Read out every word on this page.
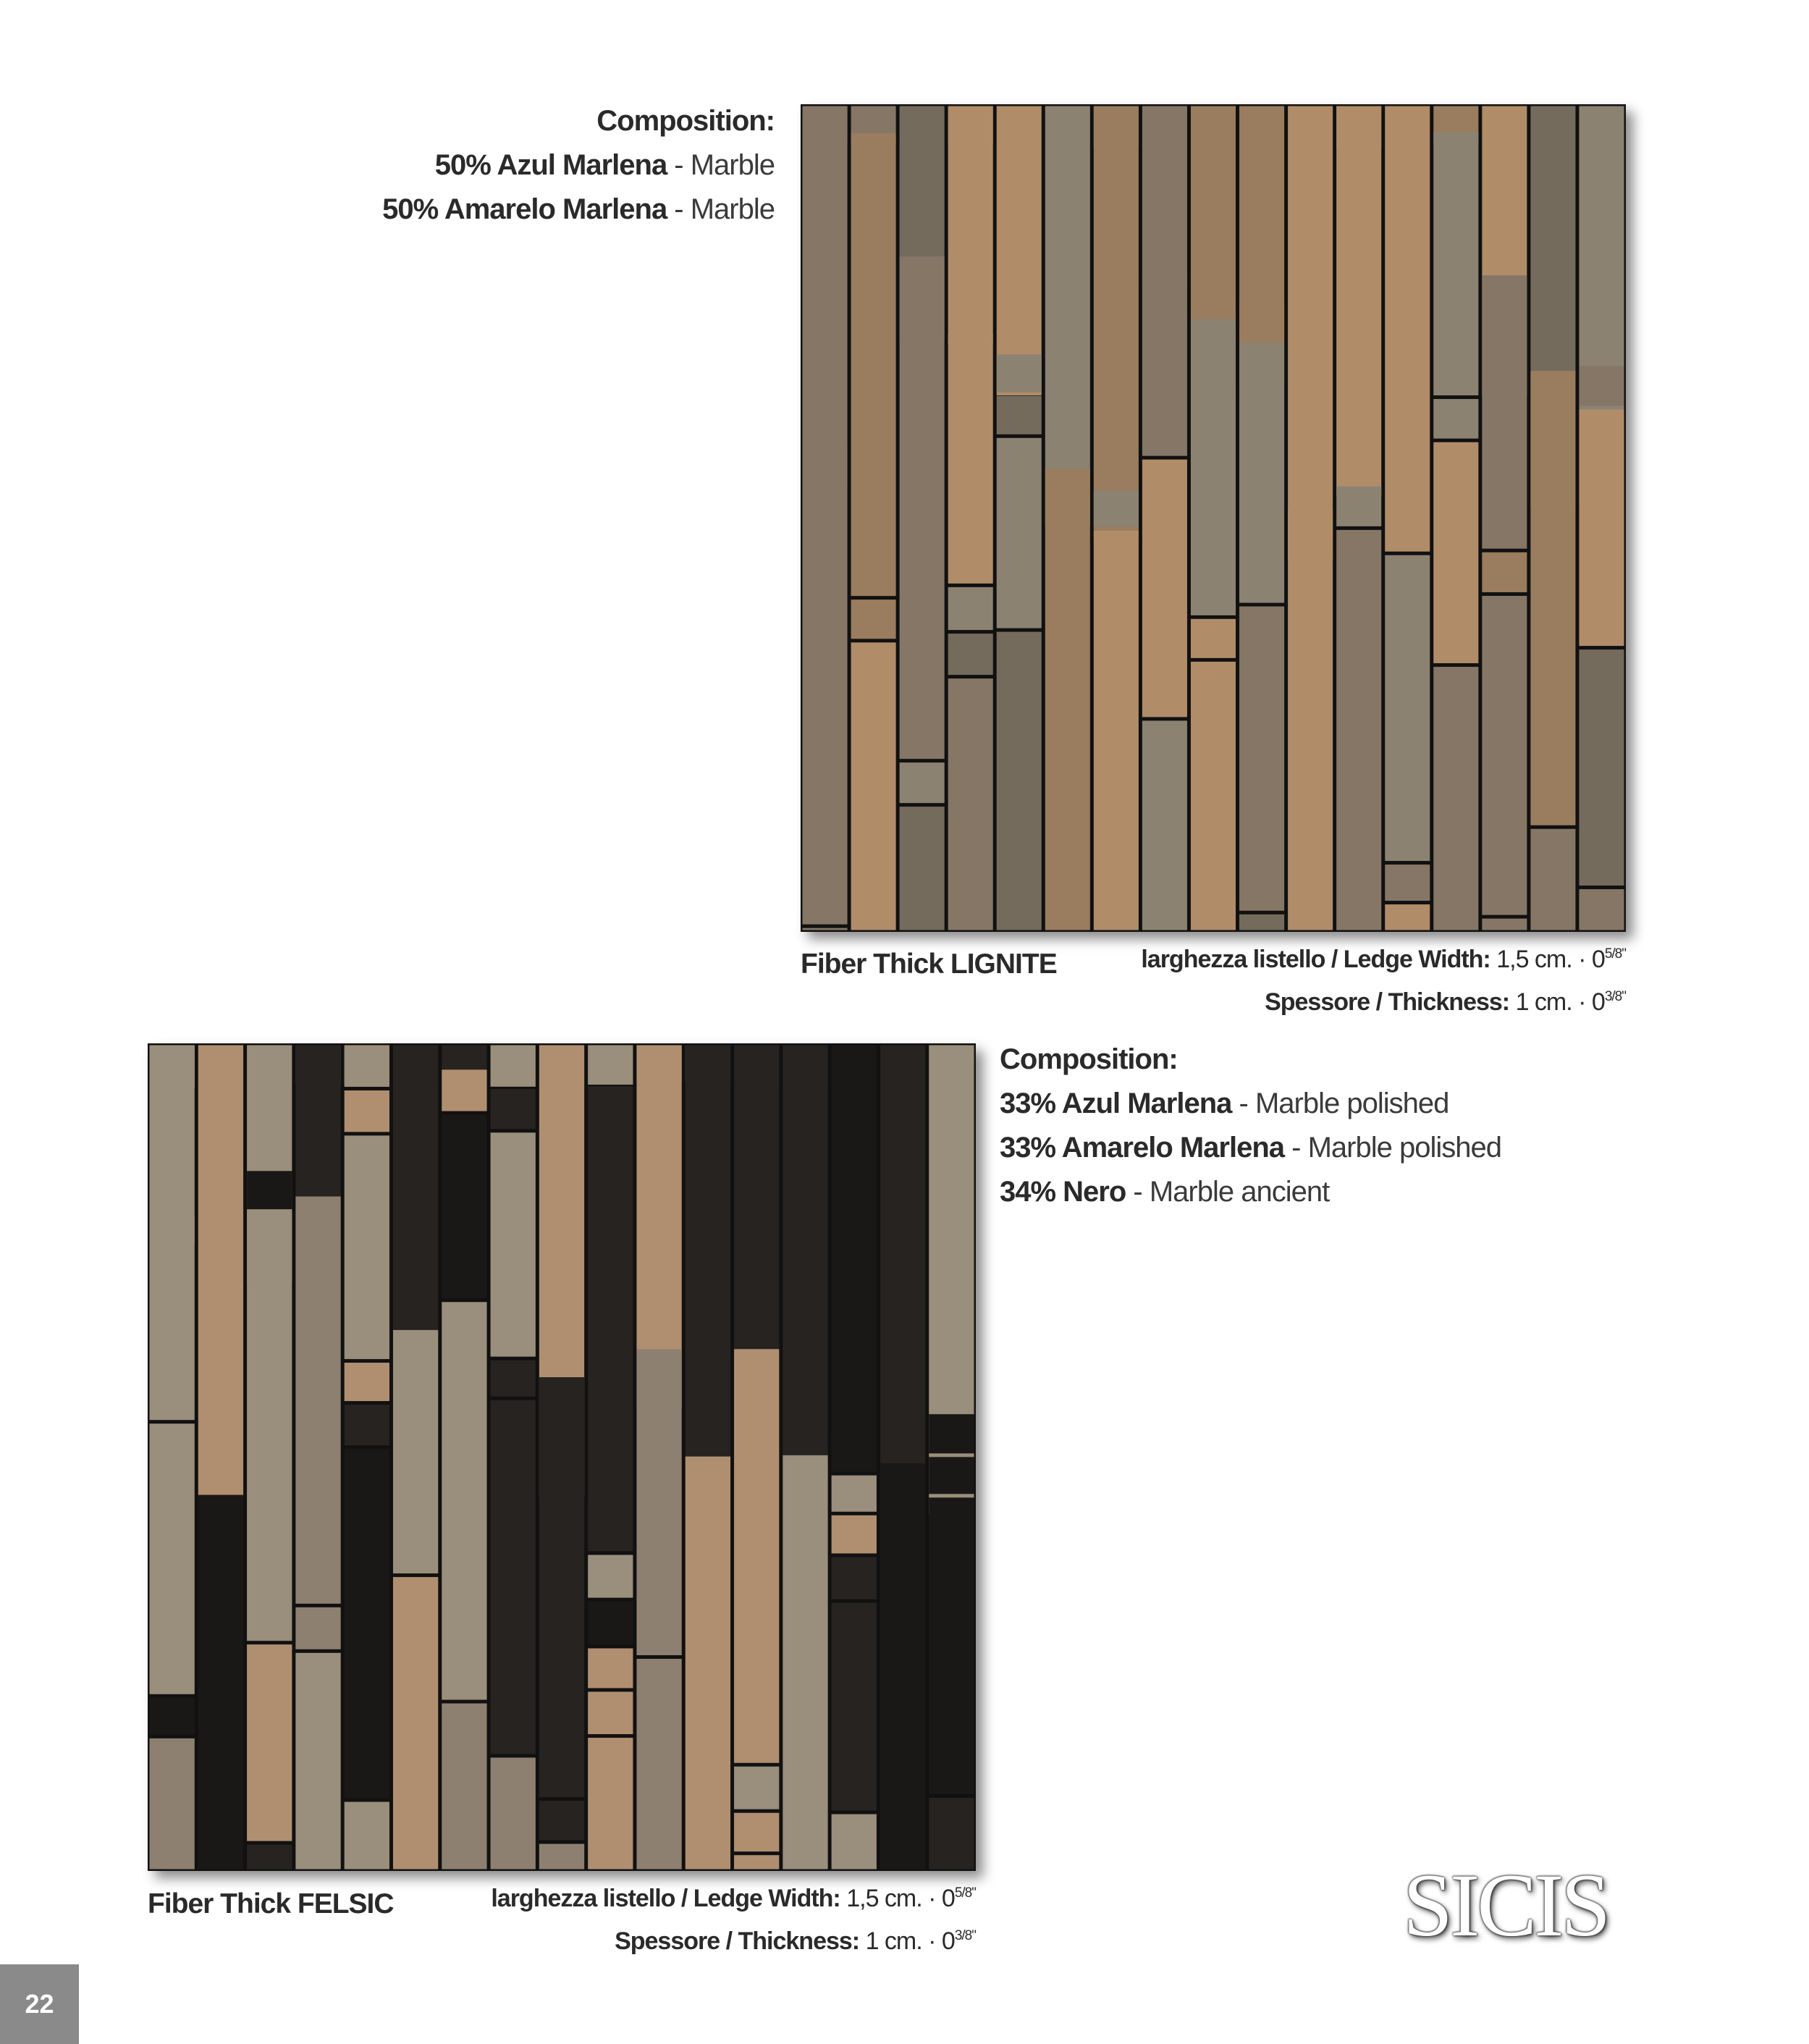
Composition:
50% Azul Marlena - Marble
50% Amarelo Marlena - Marble
Fiber Thick LIGNITE	larghezza listello / Ledge Width: 1,5 cm. · $0^{5/8"}$
Spessore / Thickness: 1 cm. · $0^{3/8"}$
Composition:
33% Azul Marlena - Marble polished
33% Amarelo Marlena - Marble polished
34% Nero - Marble ancient
Fiber Thick FELSIC	larghezza listello / Ledge Width: 1,5 cm. · $0^{5/8"}$
Spessore / Thickness: 1 cm. · $0^{3/8"}$	SICIS
22
